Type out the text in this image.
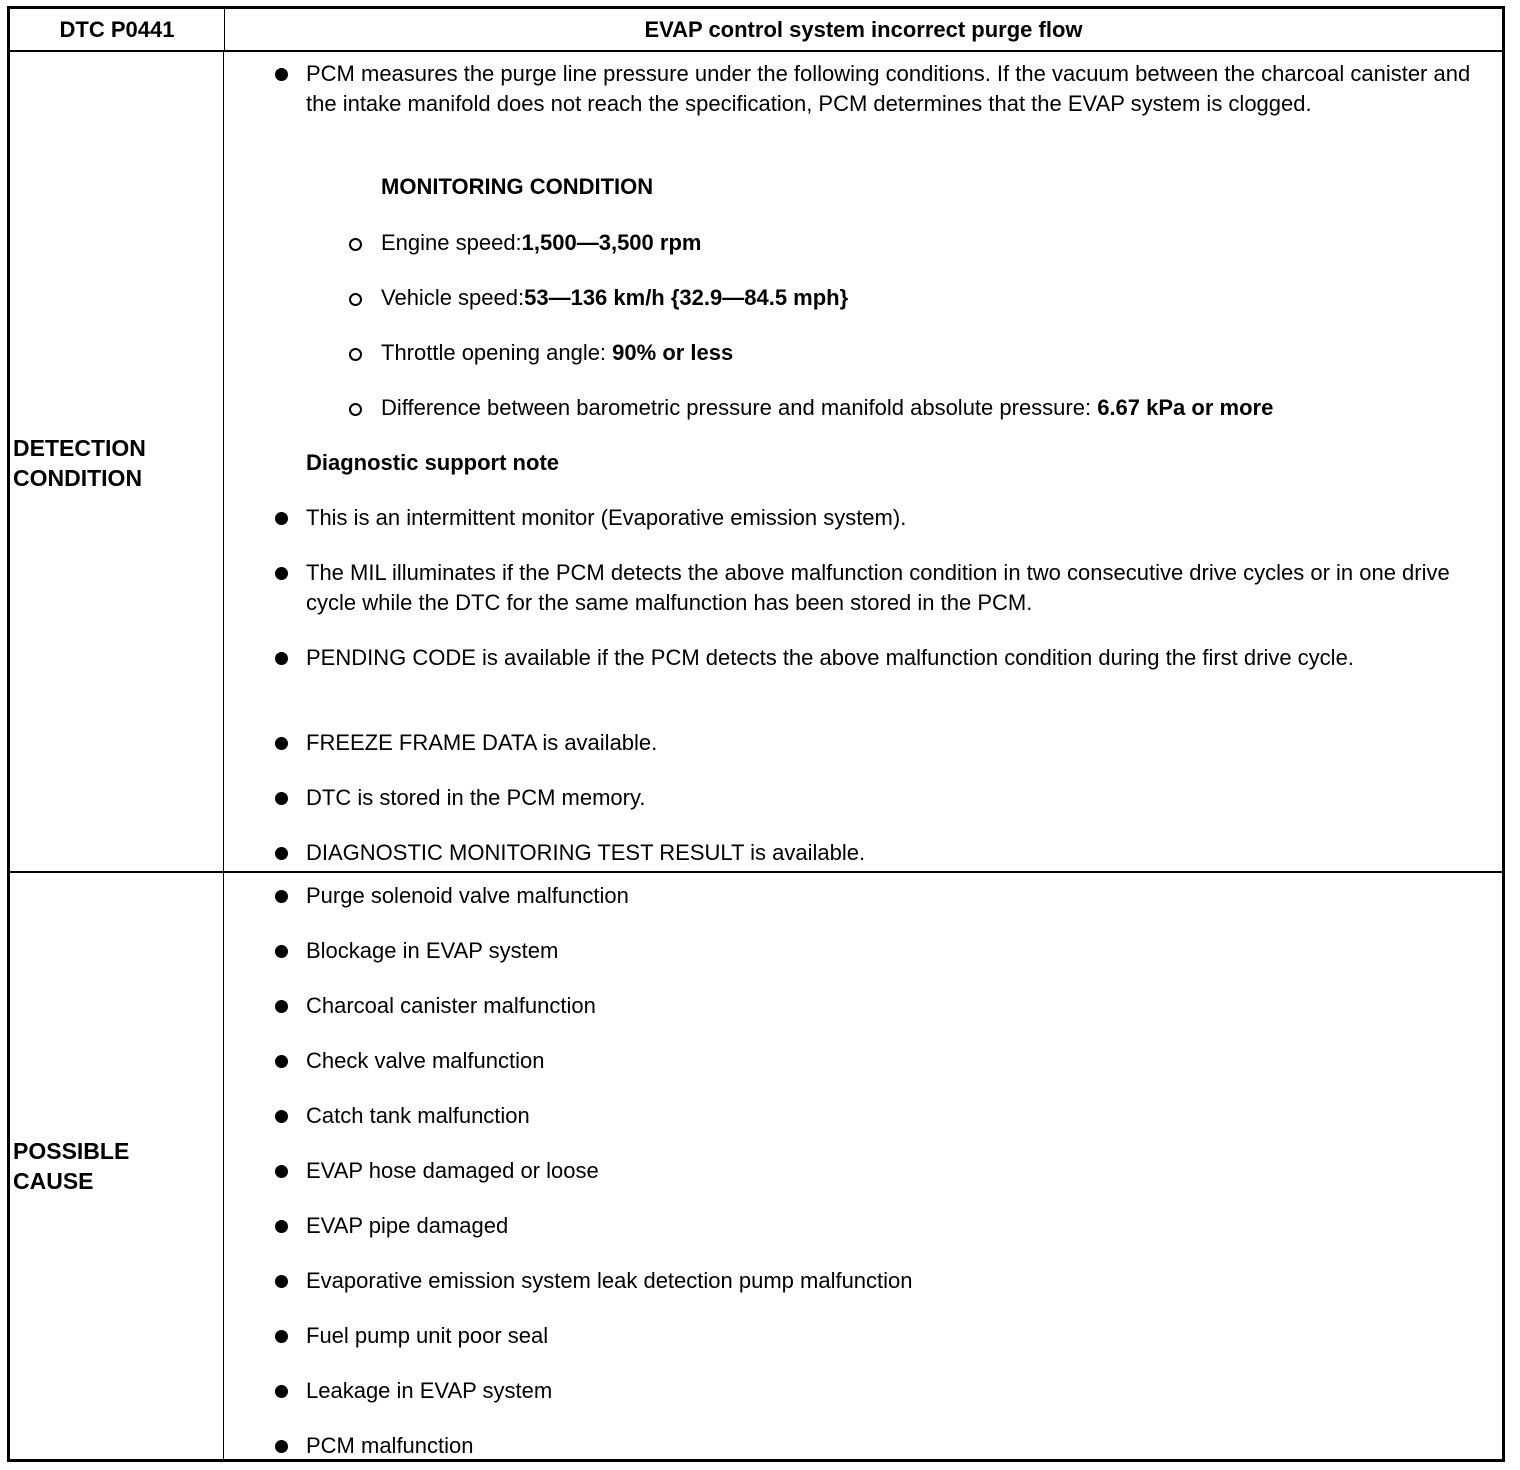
DTC P0441	EVAP control system incorrect purge flow
DETECTION
CONDITION
PCM measures the purge line pressure under the following conditions. If the vacuum between the charcoal canister and the intake manifold does not reach the specification, PCM determines that the EVAP system is clogged.
MONITORING CONDITION
Engine speed:1,500—3,500 rpm
Vehicle speed:53—136 km/h {32.9—84.5 mph}
Throttle opening angle: 90% or less
Difference between barometric pressure and manifold absolute pressure: 6.67 kPa or more
Diagnostic support note
This is an intermittent monitor (Evaporative emission system).
The MIL illuminates if the PCM detects the above malfunction condition in two consecutive drive cycles or in one drive cycle while the DTC for the same malfunction has been stored in the PCM.
PENDING CODE is available if the PCM detects the above malfunction condition during the first drive cycle.
FREEZE FRAME DATA is available.
DTC is stored in the PCM memory.
DIAGNOSTIC MONITORING TEST RESULT is available.
POSSIBLE
CAUSE
Purge solenoid valve malfunction
Blockage in EVAP system
Charcoal canister malfunction
Check valve malfunction
Catch tank malfunction
EVAP hose damaged or loose
EVAP pipe damaged
Evaporative emission system leak detection pump malfunction
Fuel pump unit poor seal
Leakage in EVAP system
PCM malfunction
